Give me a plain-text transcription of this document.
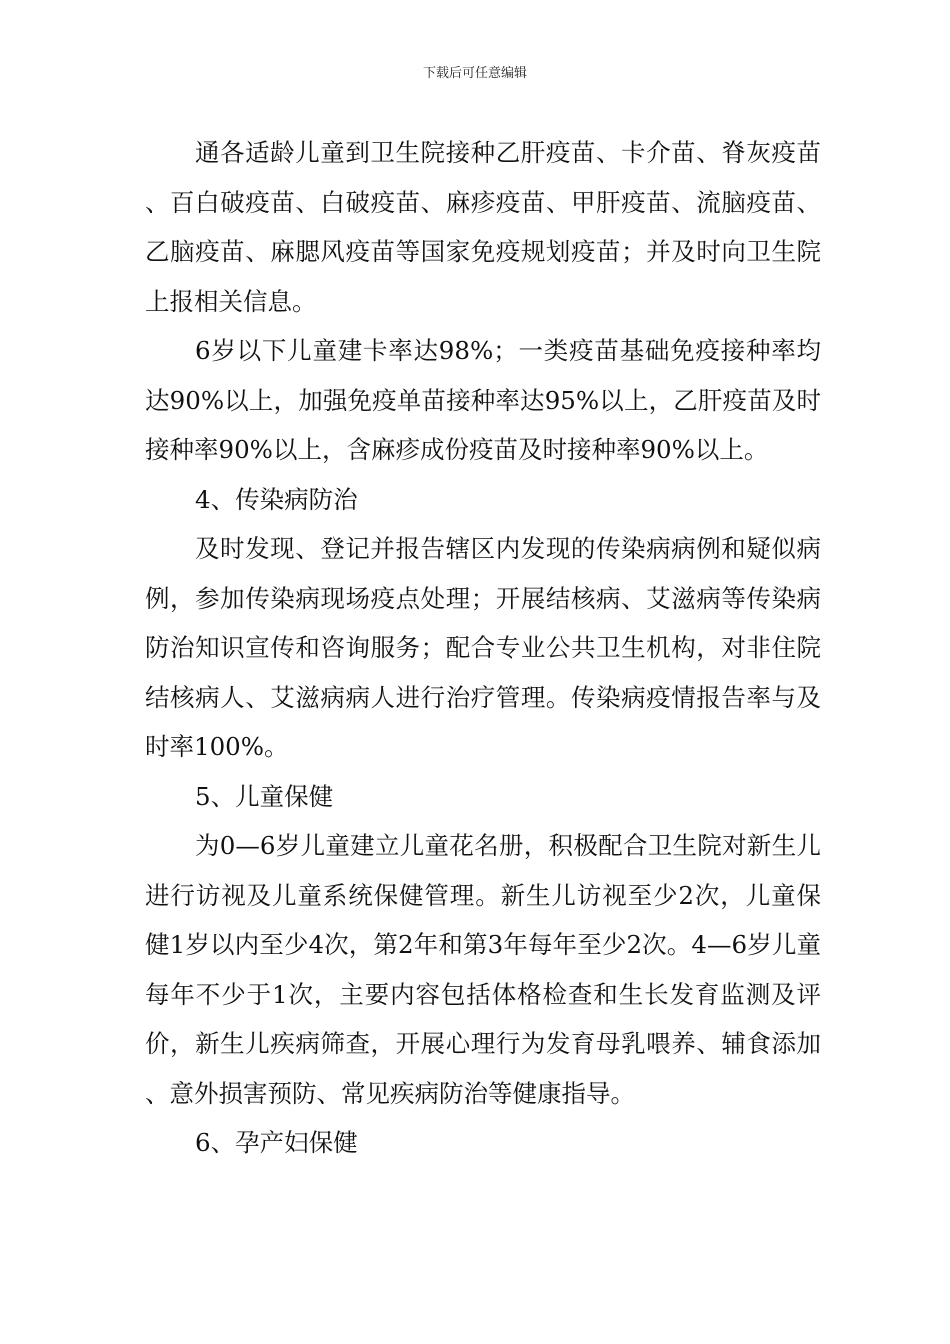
下载后可任意编辑

通各适龄儿童到卫生院接种乙肝疫苗、卡介苗、脊灰疫苗、百白破疫苗、白破疫苗、麻疹疫苗、甲肝疫苗、流脑疫苗、乙脑疫苗、麻腮风疫苗等国家免疫规划疫苗；并及时向卫生院上报相关信息。

6岁以下儿童建卡率达98%；一类疫苗基础免疫接种率均达90%以上，加强免疫单苗接种率达95%以上，乙肝疫苗及时接种率90%以上，含麻疹成份疫苗及时接种率90%以上。

4、传染病防治

及时发现、登记并报告辖区内发现的传染病病例和疑似病例，参加传染病现场疫点处理；开展结核病、艾滋病等传染病防治知识宣传和咨询服务；配合专业公共卫生机构，对非住院结核病人、艾滋病病人进行治疗管理。传染病疫情报告率与及时率100%。

5、儿童保健

为0—6岁儿童建立儿童花名册，积极配合卫生院对新生儿进行访视及儿童系统保健管理。新生儿访视至少2次，儿童保健1岁以内至少4次，第2年和第3年每年至少2次。4—6岁儿童每年不少于1次，主要内容包括体格检查和生长发育监测及评价，新生儿疾病筛查，开展心理行为发育母乳喂养、辅食添加、意外损害预防、常见疾病防治等健康指导。

6、孕产妇保健
